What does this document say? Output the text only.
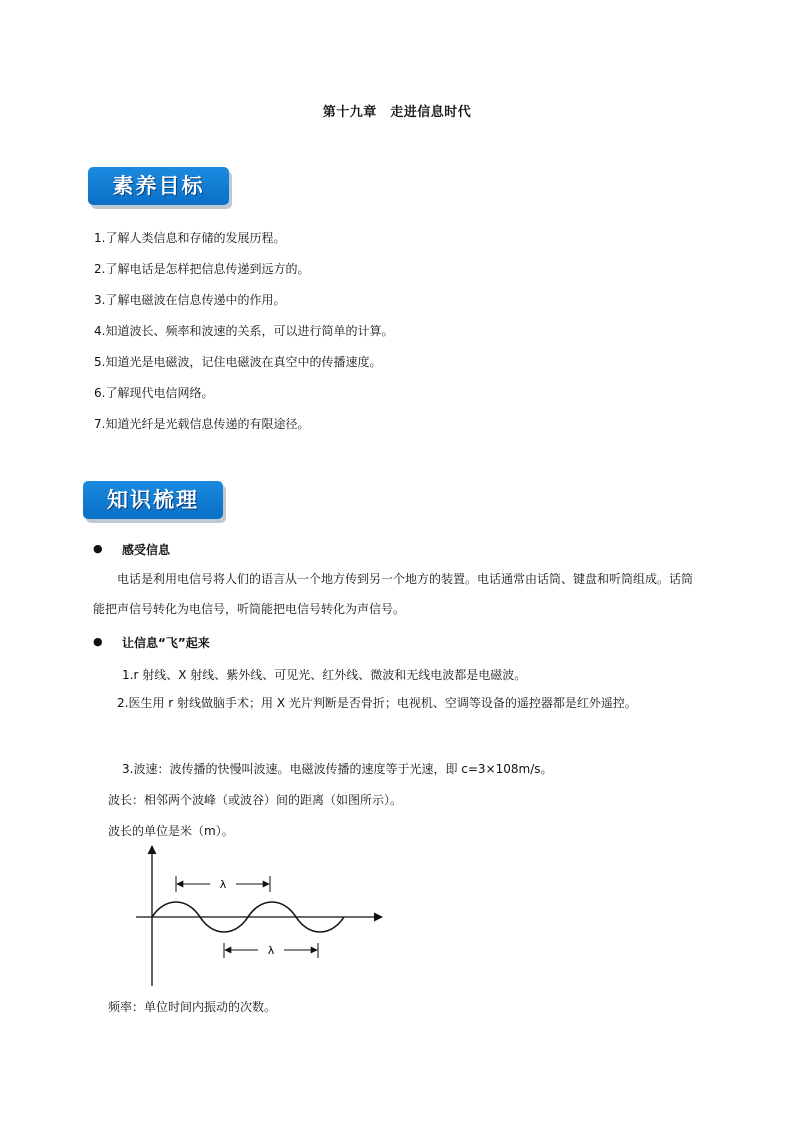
第十九章　走进信息时代
素养目标
1.了解人类信息和存储的发展历程。
2.了解电话是怎样把信息传递到远方的。
3.了解电磁波在信息传递中的作用。
4.知道波长、频率和波速的关系，可以进行简单的计算。
5.知道光是电磁波，记住电磁波在真空中的传播速度。
6.了解现代电信网络。
7.知道光纤是光载信息传递的有限途径。
知识梳理
● 感受信息
　　电话是利用电信号将人们的语言从一个地方传到另一个地方的装置。电话通常由话筒、键盘和听筒组成。话筒能把声信号转化为电信号，听筒能把电信号转化为声信号。
● 让信息“飞”起来
1.r 射线、X 射线、紫外线、可见光、红外线、微波和无线电波都是电磁波。
　　2.医生用 r 射线做脑手术；用 X 光片判断是否骨折；电视机、空调等设备的遥控器都是红外遥控。
3.波速：波传播的快慢叫波速。电磁波传播的速度等于光速，即 c=3×108m/s。
波长：相邻两个波峰（或波谷）间的距离（如图所示）。
波长的单位是米（m）。
λ
λ
频率：单位时间内振动的次数。
